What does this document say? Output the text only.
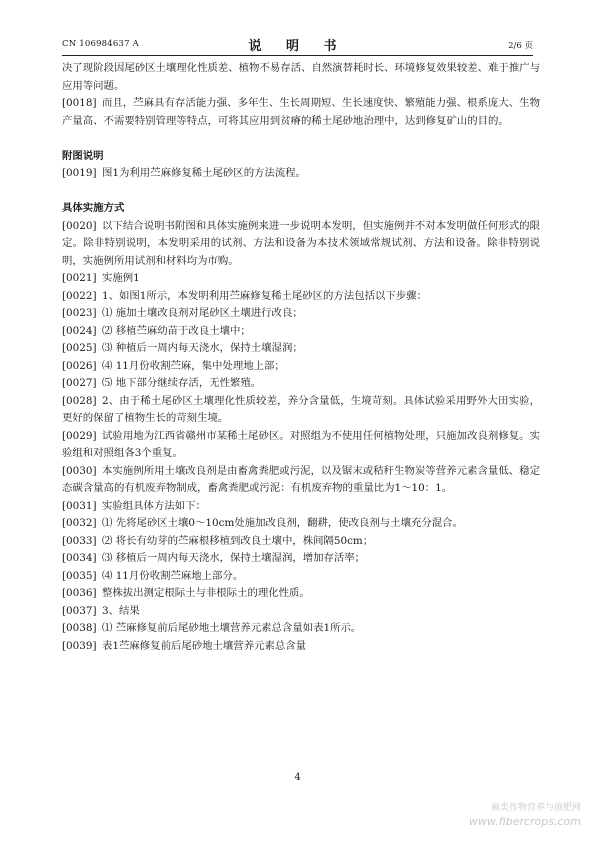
CN 106984637 A	说 明 书	2/6 页
决了现阶段因尾砂区土壤理化性质差、植物不易存活、自然演替耗时长、环境修复效果较差、难于推广与应用等问题。
[0018] 而且，苎麻具有存活能力强、多年生、生长周期短、生长速度快、繁殖能力强、根系庞大、生物产量高、不需要特别管理等特点，可将其应用到贫瘠的稀土尾砂地治理中，达到修复矿山的目的。
附图说明
[0019] 图1为利用苎麻修复稀土尾砂区的方法流程。
具体实施方式
[0020] 以下结合说明书附图和具体实施例来进一步说明本发明，但实施例并不对本发明做任何形式的限定。除非特别说明，本发明采用的试剂、方法和设备为本技术领域常规试剂、方法和设备。除非特别说明，实施例所用试剂和材料均为市购。
[0021] 实施例1
[0022] 1、如图1所示，本发明利用苎麻修复稀土尾砂区的方法包括以下步骤：
[0023] ⑴ 施加土壤改良剂对尾砂区土壤进行改良；
[0024] ⑵ 移植苎麻幼苗于改良土壤中；
[0025] ⑶ 种植后一周内每天浇水，保持土壤湿润；
[0026] ⑷ 11月份收割苎麻，集中处理地上部；
[0027] ⑸ 地下部分继续存活，无性繁殖。
[0028] 2、由于稀土尾砂区土壤理化性质较差，养分含量低，生境苛刻。具体试验采用野外大田实验，更好的保留了植物生长的苛刻生境。
[0029] 试验用地为江西省赣州市某稀土尾砂区。对照组为不使用任何植物处理，只施加改良剂修复。实验组和对照组各3个重复。
[0030] 本实施例所用土壤改良剂是由畜禽粪肥或污泥，以及锯末或秸秆生物炭等营养元素含量低、稳定态碳含量高的有机废弃物制成，畜禽粪肥或污泥：有机废弃物的重量比为1～10：1。
[0031] 实验组具体方法如下：
[0032] ⑴ 先将尾砂区土壤0～10cm处施加改良剂，翻耕，使改良剂与土壤充分混合。
[0033] ⑵ 将长有幼芽的苎麻根移植到改良土壤中，株间隔50cm；
[0034] ⑶ 移植后一周内每天浇水，保持土壤湿润，增加存活率；
[0035] ⑷ 11月份收割苎麻地上部分。
[0036] 整株拔出测定根际土与非根际土的理化性质。
[0037] 3、结果
[0038] ⑴ 苎麻修复前后尾砂地土壤营养元素总含量如表1所示。
[0039] 表1苎麻修复前后尾砂地土壤营养元素总含量
4
麻类作物营养与施肥网
www.fibercrops.com
